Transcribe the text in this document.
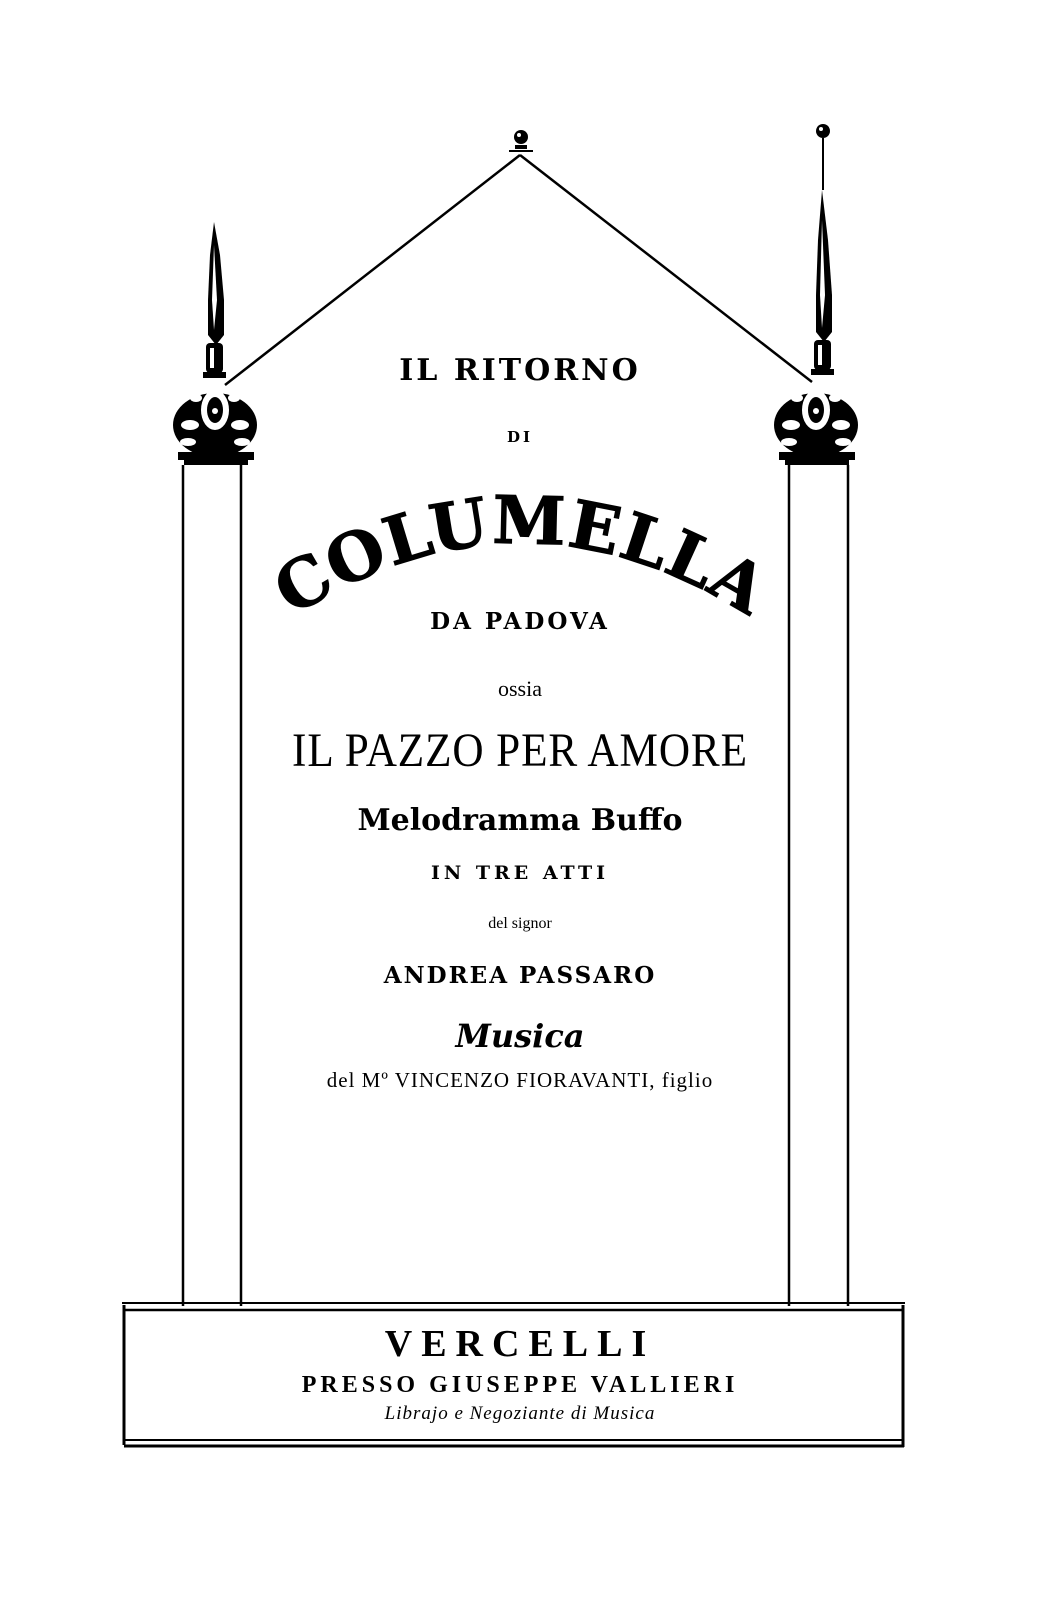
COLUMELLA
IL RITORNO
DI
DA PADOVA
ossia
IL PAZZO PER AMORE
Melodramma Buffo
IN TRE ATTI
del signor
ANDREA PASSARO
Musica
del Mº VINCENZO FIORAVANTI, figlio
VERCELLI
PRESSO GIUSEPPE VALLIERI
Librajo e Negoziante di Musica
